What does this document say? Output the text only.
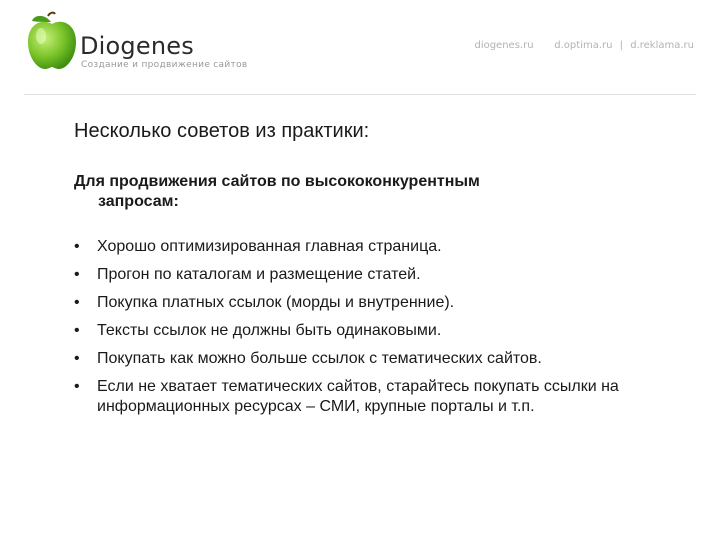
Diogenes
Создание и продвижение сайтов
diogenes.ru d.optima.ru | d.reklama.ru
Несколько советов из практики:
Для продвижения сайтов по высококонкурентным
запросам:
• Хорошо оптимизированная главная страница.
• Прогон по каталогам и размещение статей.
• Покупка платных ссылок (морды и внутренние).
• Тексты ссылок не должны быть одинаковыми.
• Покупать как можно больше ссылок с тематических сайтов.
• Если не хватает тематических сайтов, старайтесь покупать ссылки на информационных ресурсах – СМИ, крупные порталы и т.п.
